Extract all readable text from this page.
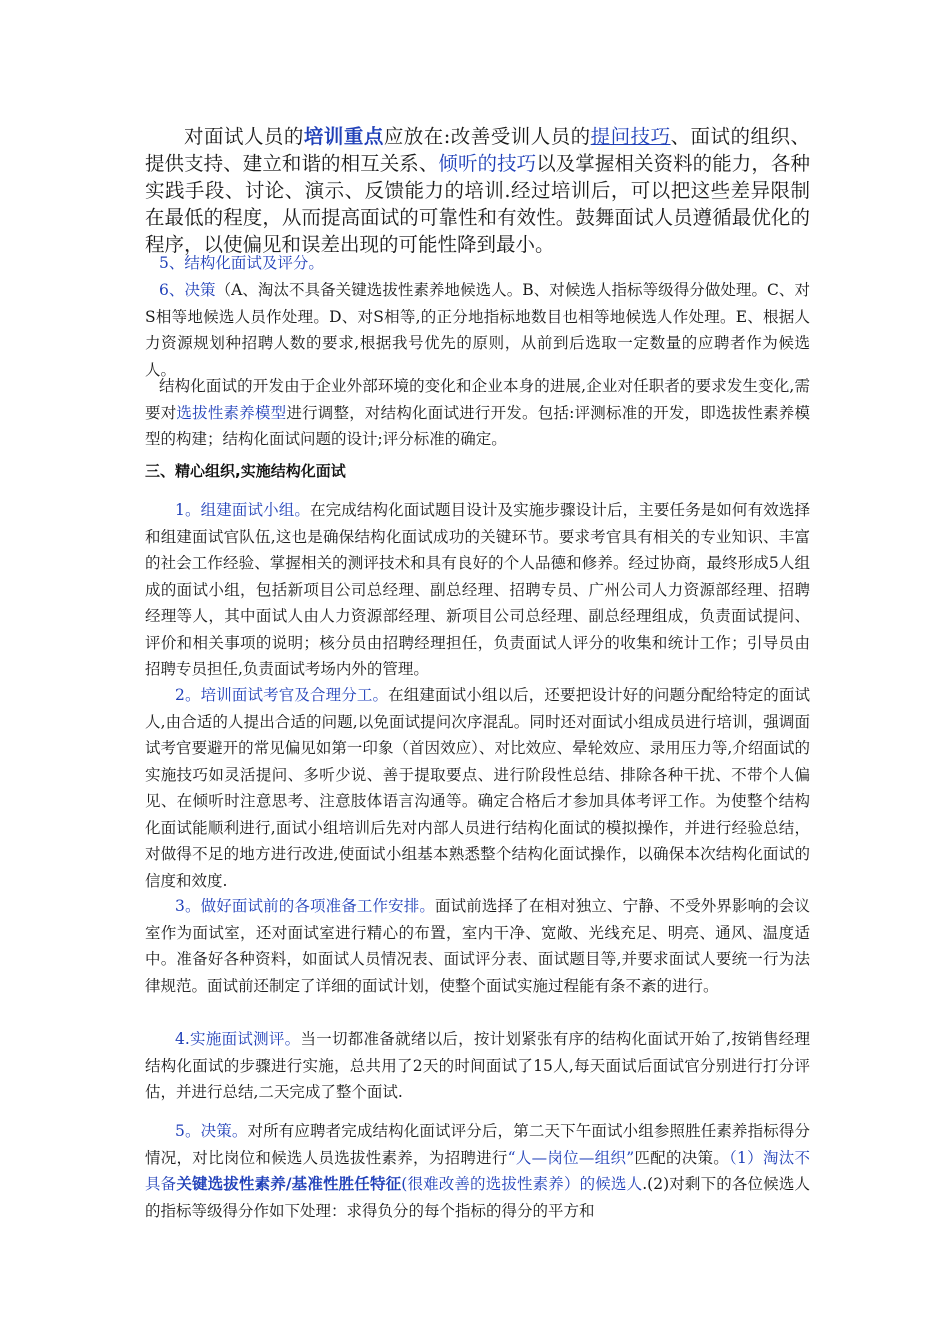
对面试人员的培训重点应放在:改善受训人员的提问技巧、面试的组织、提供支持、建立和谐的相互关系、倾听的技巧以及掌握相关资料的能力，各种实践手段、讨论、演示、反馈能力的培训.经过培训后，可以把这些差异限制在最低的程度，从而提高面试的可靠性和有效性。鼓舞面试人员遵循最优化的程序，以使偏见和误差出现的可能性降到最小。
5、结构化面试及评分。
6、决策（A、淘汰不具备关键选拔性素养地候选人。B、对候选人指标等级得分做处理。C、对S相等地候选人员作处理。D、对S相等,的正分地指标地数目也相等地候选人作处理。E、根据人力资源规划种招聘人数的要求,根据我号优先的原则，从前到后选取一定数量的应聘者作为候选人。
结构化面试的开发由于企业外部环境的变化和企业本身的进展,企业对任职者的要求发生变化,需要对选拔性素养模型进行调整，对结构化面试进行开发。包括:评测标准的开发，即选拔性素养模型的构建；结构化面试问题的设计;评分标准的确定。
三、精心组织,实施结构化面试
1。组建面试小组。在完成结构化面试题目设计及实施步骤设计后，主要任务是如何有效选择和组建面试官队伍,这也是确保结构化面试成功的关键环节。要求考官具有相关的专业知识、丰富的社会工作经验、掌握相关的测评技术和具有良好的个人品德和修养。经过协商，最终形成5人组成的面试小组，包括新项目公司总经理、副总经理、招聘专员、广州公司人力资源部经理、招聘经理等人，其中面试人由人力资源部经理、新项目公司总经理、副总经理组成，负责面试提问、评价和相关事项的说明；核分员由招聘经理担任，负责面试人评分的收集和统计工作；引导员由招聘专员担任,负责面试考场内外的管理。
2。培训面试考官及合理分工。在组建面试小组以后，还要把设计好的问题分配给特定的面试人,由合适的人提出合适的问题,以免面试提问次序混乱。同时还对面试小组成员进行培训，强调面试考官要避开的常见偏见如第一印象（首因效应）、对比效应、晕轮效应、录用压力等,介绍面试的实施技巧如灵活提问、多听少说、善于提取要点、进行阶段性总结、排除各种干扰、不带个人偏见、在倾听时注意思考、注意肢体语言沟通等。确定合格后才参加具体考评工作。为使整个结构化面试能顺利进行,面试小组培训后先对内部人员进行结构化面试的模拟操作，并进行经验总结，对做得不足的地方进行改进,使面试小组基本熟悉整个结构化面试操作，以确保本次结构化面试的信度和效度.
3。做好面试前的各项准备工作安排。面试前选择了在相对独立、宁静、不受外界影响的会议室作为面试室，还对面试室进行精心的布置，室内干净、宽敞、光线充足、明亮、通风、温度适中。准备好各种资料，如面试人员情况表、面试评分表、面试题目等,并要求面试人要统一行为法律规范。面试前还制定了详细的面试计划，使整个面试实施过程能有条不紊的进行。
4.实施面试测评。当一切都准备就绪以后，按计划紧张有序的结构化面试开始了,按销售经理结构化面试的步骤进行实施，总共用了2天的时间面试了15人,每天面试后面试官分别进行打分评估，并进行总结,二天完成了整个面试.
5。决策。对所有应聘者完成结构化面试评分后，第二天下午面试小组参照胜任素养指标得分情况，对比岗位和候选人员选拔性素养，为招聘进行“人—岗位—组织”匹配的决策。（1）淘汰不具备关键选拔性素养/基准性胜任特征(很难改善的选拔性素养）的候选人.(2)对剩下的各位候选人的指标等级得分作如下处理：求得负分的每个指标的得分的平方和
